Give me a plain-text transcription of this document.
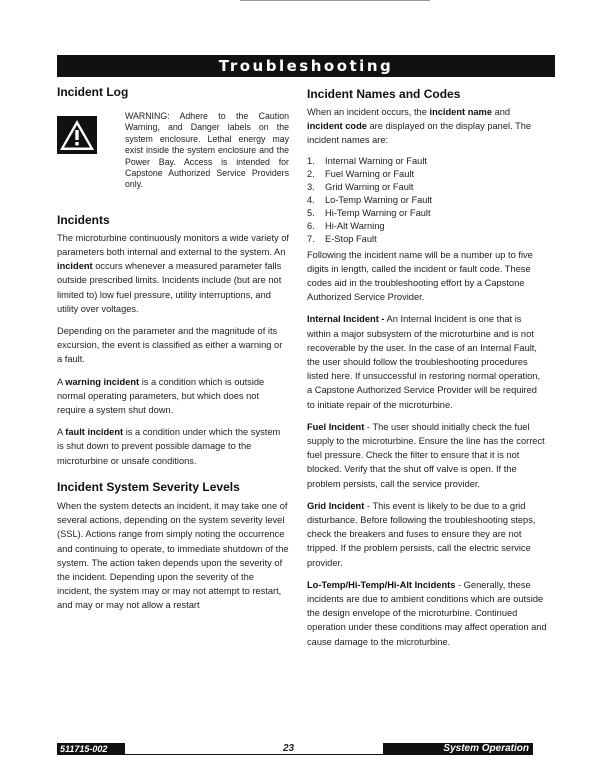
Troubleshooting
Incident Log
WARNING: Adhere to the Caution Warning, and Danger labels on the system enclosure. Lethal energy may exist inside the system enclosure and the Power Bay. Access is intended for Capstone Authorized Service Providers only.
Incidents

The microturbine continuously monitors a wide variety of parameters both internal and external to the system. An incident occurs whenever a measured parameter falls outside prescribed limits. Incidents include (but are not limited to) low fuel pressure, utility interruptions, and utility over voltages.

Depending on the parameter and the magnitude of its excursion, the event is classified as either a warning or a fault.

A warning incident is a condition which is outside normal operating parameters, but which does not require a system shut down.

A fault incident is a condition under which the system is shut down to prevent possible damage to the microturbine or unsafe conditions.

Incident System Severity Levels

When the system detects an incident, it may take one of several actions, depending on the system severity level (SSL). Actions range from simply noting the occurrence and continuing to operate, to immediate shutdown of the system. The action taken depends upon the severity of the incident. Depending upon the severity of the incident, the system may or may not attempt to restart, and may or may not allow a restart

Incident Names and Codes

When an incident occurs, the incident name and incident code are displayed on the display panel. The incident names are:

1. Internal Warning or Fault
2. Fuel Warning or Fault
3. Grid Warning or Fault
4. Lo-Temp Warning or Fault
5. Hi-Temp Warning or Fault
6. Hi-Alt Warning
7. E-Stop Fault

Following the incident name will be a number up to five digits in length, called the incident or fault code. These codes aid in the troubleshooting effort by a Capstone Authorized Service Provider.

Internal Incident - An Internal Incident is one that is within a major subsystem of the microturbine and is not recoverable by the user. In the case of an Internal Fault, the user should follow the troubleshooting procedures listed here. If unsuccessful in restoring normal operation, a Capstone Authorized Service Provider will be required to initiate repair of the microturbine.

Fuel Incident - The user should initially check the fuel supply to the microturbine. Ensure the line has the correct fuel pressure. Check the filter to ensure that it is not blocked. Verify that the shut off valve is open. If the problem persists, call the service provider.

Grid Incident - This event is likely to be due to a grid disturbance. Before following the troubleshooting steps, check the breakers and fuses to ensure they are not tripped. If the problem persists, call the electric service provider.

Lo-Temp/Hi-Temp/Hi-Alt Incidents - Generally, these incidents are due to ambient conditions which are outside the design envelope of the microturbine. Continued operation under these conditions may affect operation and cause damage to the microturbine.

511715-002	23	System Operation
